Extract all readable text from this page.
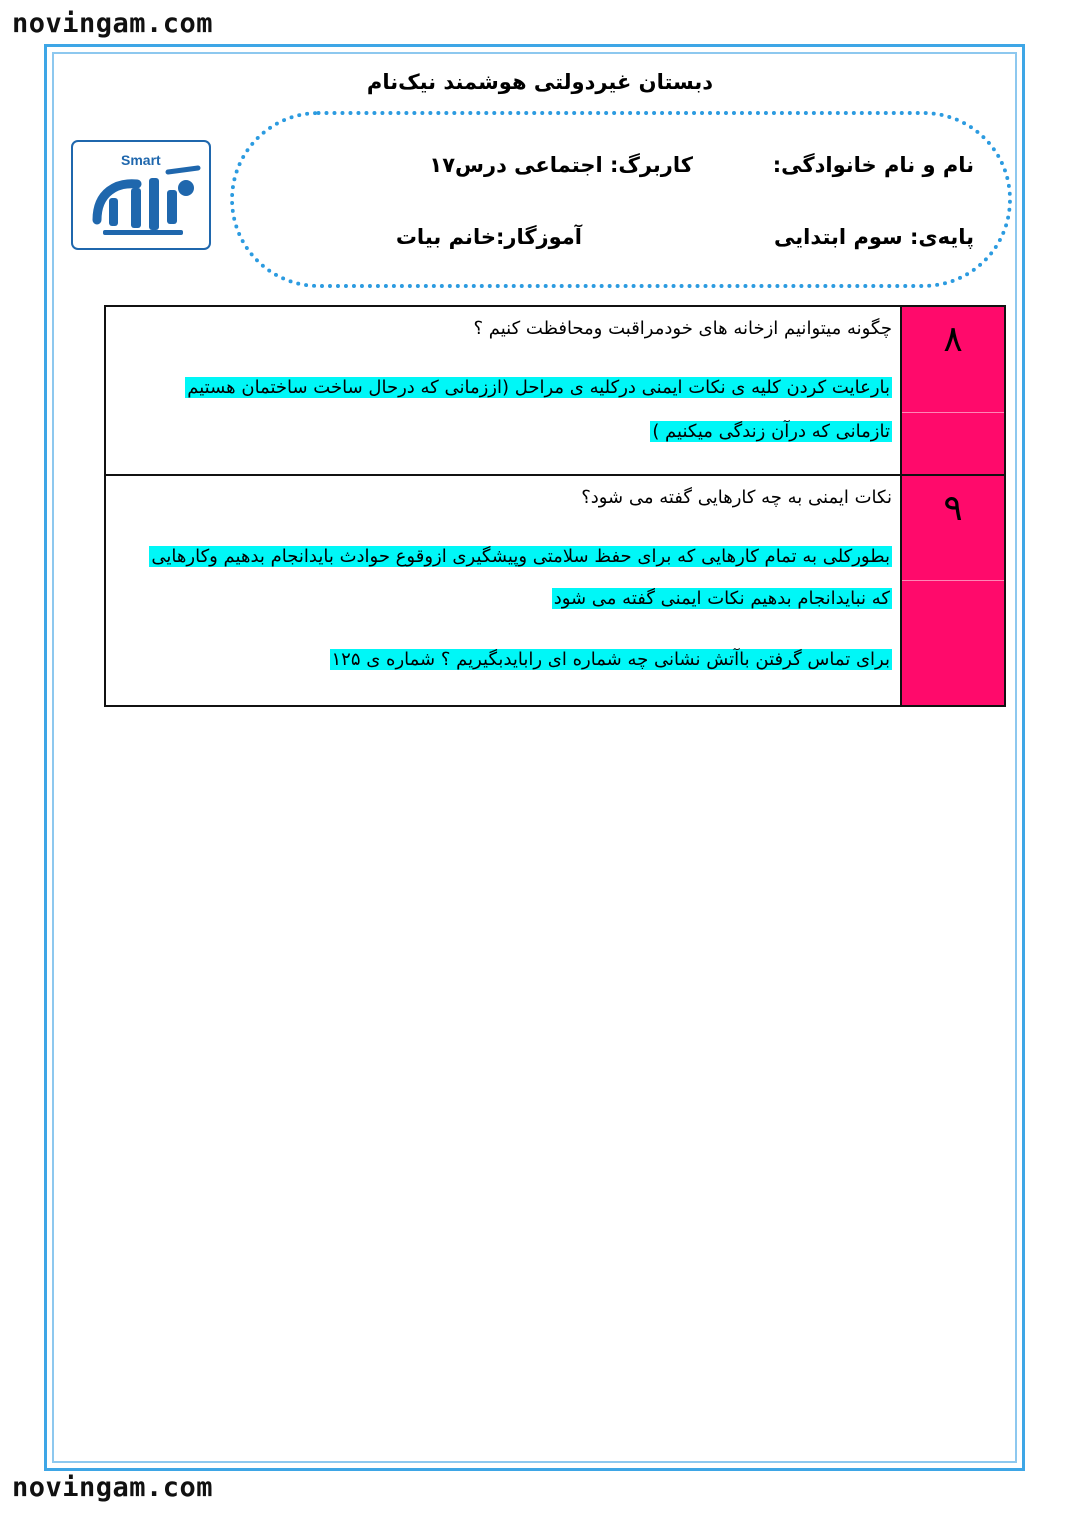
novingam.com
novingam.com
دبستان غیردولتی هوشمند نیک‌نام
Smart	نام و نام خانوادگی:
کاربرگ: اجتماعی درس۱۷
پایه‌ی: سوم ابتدایی
آموزگار:خانم بیات
۸
چگونه میتوانیم ازخانه های خودمراقبت ومحافظت کنیم ؟
بارعایت کردن کلیه ی نکات ایمنی درکلیه ی مراحل (اززمانی که درحال ساخت ساختمان هستیم
تازمانی که درآن زندگی میکنیم )
۹
نکات ایمنی به چه کارهایی گفته می شود؟
بطورکلی به تمام کارهایی که برای حفظ سلامتی وپیشگیری ازوقوع حوادث بایدانجام بدهیم وکارهایی
که نبایدانجام بدهیم نکات ایمنی گفته می شود
برای تماس گرفتن باآتش نشانی چه شماره ای رابایدبگیریم ؟ شماره ی ۱۲۵
